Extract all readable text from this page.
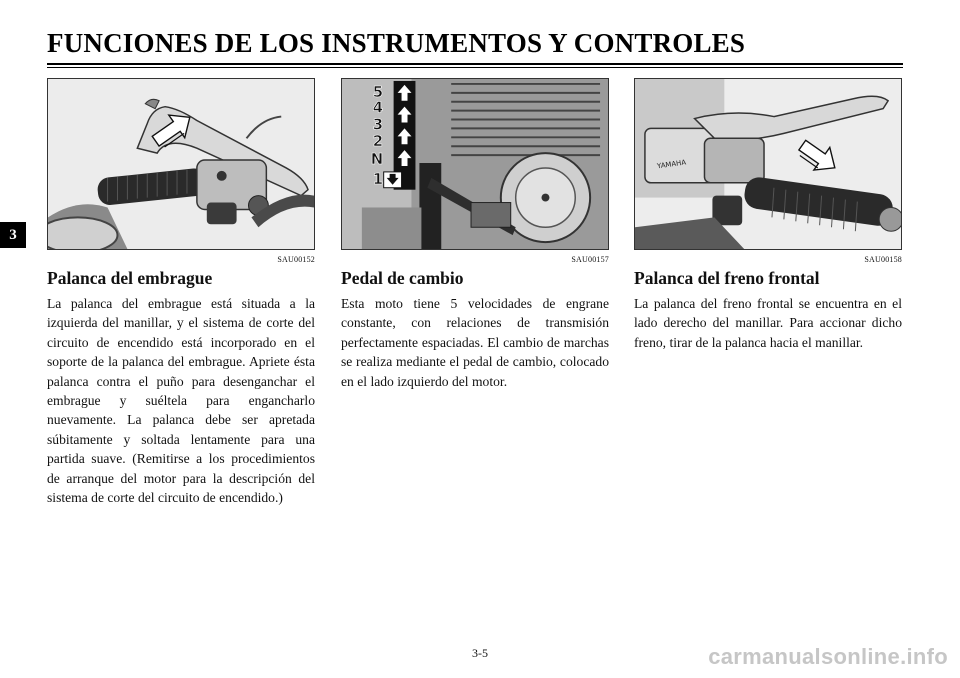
FUNCIONES DE LOS INSTRUMENTOS Y CONTROLES
3
SAU00152
Palanca del embrague
La palanca del embrague está situada a la izquierda del manillar, y el sistema de corte del circuito de encendido está incorporado en el soporte de la palanca del embrague. Apriete ésta palanca contra el puño para desenganchar el embrague y suéltela para engancharlo nuevamente. La palanca debe ser apretada súbitamente y soltada lentamente para una partida suave. (Remitirse a los procedimientos de arranque del motor para la descripción del sistema de corte del circuito de encendido.)
5
4
3
2
N
1
SAU00157
Pedal de cambio
Esta moto tiene 5 velocidades de engrane constante, con relaciones de transmisión perfectamente espaciadas. El cambio de marchas se realiza mediante el pedal de cambio, colocado en el lado izquierdo del motor.
YAMAHA
SAU00158
Palanca del freno frontal
La palanca del freno frontal se encuentra en el lado derecho del manillar. Para accionar dicho freno, tirar de la palanca hacia el manillar.
3-5	carmanualsonline.info
